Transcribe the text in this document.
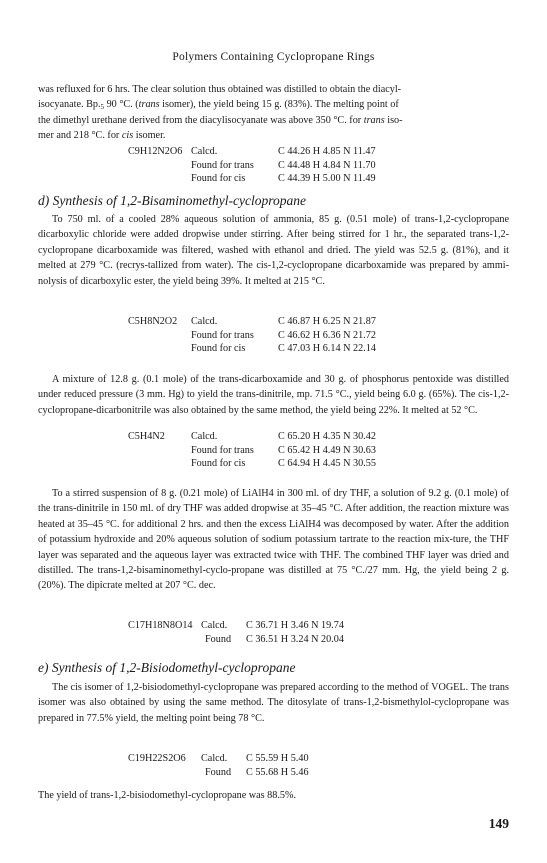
Polymers Containing Cyclopropane Rings
was refluxed for 6 hrs. The clear solution thus obtained was distilled to obtain the diacyl-
isocyanate. $Bp._5$ 90 °C. (trans isomer), the yield being 15 g. (83%). The melting point of
the dimethyl urethane derived from the diacylisocyanate was above 350 °C. for trans iso-
mer and 218 °C. for cis isomer.
C9H12N2O6 Calcd.	C 44.26 H 4.85 N 11.47
Found for trans C 44.48 H 4.84 N 11.70
Found for cis	C 44.39 H 5.00 N 11.49
d) Synthesis of 1,2-Bisaminomethyl-cyclopropane
To 750 ml. of a cooled 28% aqueous solution of ammonia, 85 g. (0.51 mole) of trans-1,2-cyclopropane dicarboxylic chloride were added dropwise under stirring. After being stirred for 1 hr., the separated trans-1,2-cyclopropane dicarboxamide was filtered, washed with ethanol and dried. The yield was 52.5 g. (81%), and it melted at 279 °C. (recrys-tallized from water). The cis-1,2-cyclopropane dicarboxamide was prepared by ammi-nolysis of dicarboxylic ester, the yield being 39%. It melted at 215 °C.
C5H8N2O2 Calcd.	C 46.87 H 6.25 N 21.87
Found for trans C 46.62 H 6.36 N 21.72
Found for cis	C 47.03 H 6.14 N 22.14
A mixture of 12.8 g. (0.1 mole) of the trans-dicarboxamide and 30 g. of phosphorus pentoxide was distilled under reduced pressure (3 mm. Hg) to yield the trans-dinitrile, mp. 71.5 °C., yield being 6.0 g. (65%). The cis-1,2-cyclopropane-dicarbonitrile was also obtained by the same method, the yield being 22%. It melted at 52 °C.
C5H4N2	Calcd.	C 65.20 H 4.35 N 30.42
Found for trans C 65.42 H 4.49 N 30.63
Found for cis	C 64.94 H 4.45 N 30.55
To a stirred suspension of 8 g. (0.21 mole) of LiAlH4 in 300 ml. of dry THF, a solution of 9.2 g. (0.1 mole) of the trans-dinitrile in 150 ml. of dry THF was added dropwise at 35–45 °C. After addition, the reaction mixture was heated at 35–45 °C. for additional 2 hrs. and then the excess LiAlH4 was decomposed by water. After the addition of potassium hydroxide and 20% aqueous solution of sodium potassium tartrate to the reaction mix-ture, the THF layer was separated and the aqueous layer was extracted twice with THF. The combined THF layer was dried and distilled. The trans-1,2-bisaminomethyl-cyclo-propane was distilled at 75 °C./27 mm. Hg, the yield being 2 g. (20%). The dipicrate melted at 207 °C. dec.
C17H18N8O14 Calcd. C 36.71 H 3.46 N 19.74
Found C 36.51 H 3.24 N 20.04
e) Synthesis of 1,2-Bisiodomethyl-cyclopropane
The cis isomer of 1,2-bisiodomethyl-cyclopropane was prepared according to the method of VOGEL. The trans isomer was also obtained by using the same method. The ditosylate of trans-1,2-bismethylol-cyclopropane was prepared in 77.5% yield, the melting point being 78 °C.
C19H22S2O6 Calcd. C 55.59 H 5.40
Found C 55.68 H 5.46
The yield of trans-1,2-bisiodomethyl-cyclopropane was 88.5%.
149
